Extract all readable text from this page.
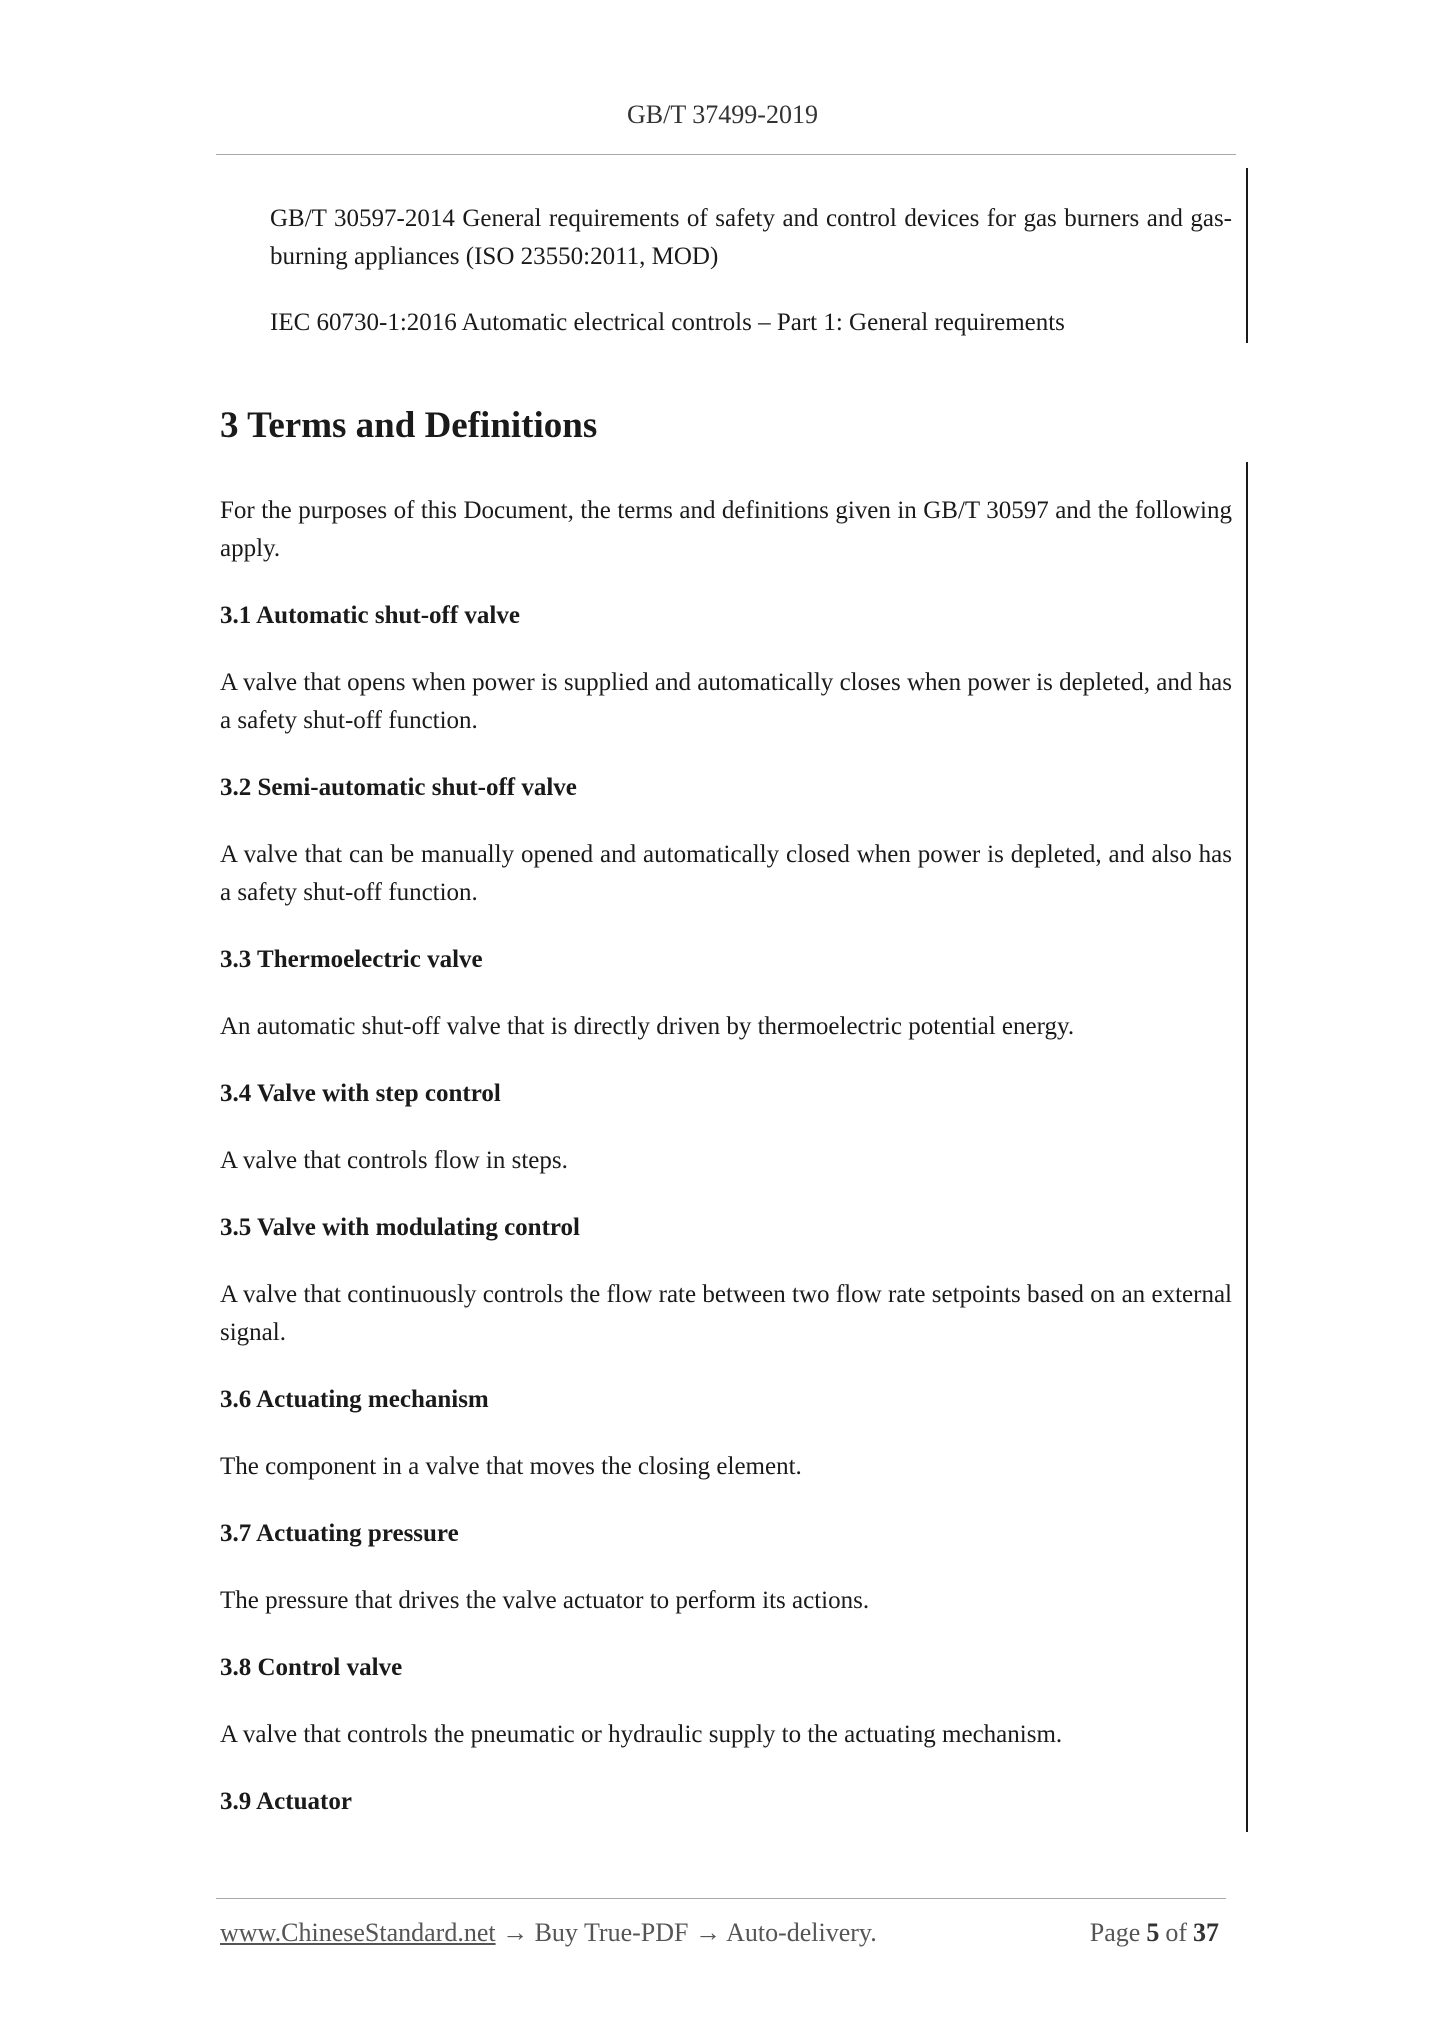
GB/T 37499-2019

GB/T 30597-2014 General requirements of safety and control devices for gas burners and gas-burning appliances (ISO 23550:2011, MOD)

IEC 60730-1:2016 Automatic electrical controls – Part 1: General requirements

3 Terms and Definitions

For the purposes of this Document, the terms and definitions given in GB/T 30597 and the following apply.

3.1 Automatic shut-off valve

A valve that opens when power is supplied and automatically closes when power is depleted, and has a safety shut-off function.

3.2 Semi-automatic shut-off valve

A valve that can be manually opened and automatically closed when power is depleted, and also has a safety shut-off function.

3.3 Thermoelectric valve

An automatic shut-off valve that is directly driven by thermoelectric potential energy.

3.4 Valve with step control

A valve that controls flow in steps.

3.5 Valve with modulating control

A valve that continuously controls the flow rate between two flow rate setpoints based on an external signal.

3.6 Actuating mechanism

The component in a valve that moves the closing element.

3.7 Actuating pressure

The pressure that drives the valve actuator to perform its actions.

3.8 Control valve

A valve that controls the pneumatic or hydraulic supply to the actuating mechanism.

3.9 Actuator

www.ChineseStandard.net → Buy True-PDF → Auto-delivery.	Page 5 of 37
